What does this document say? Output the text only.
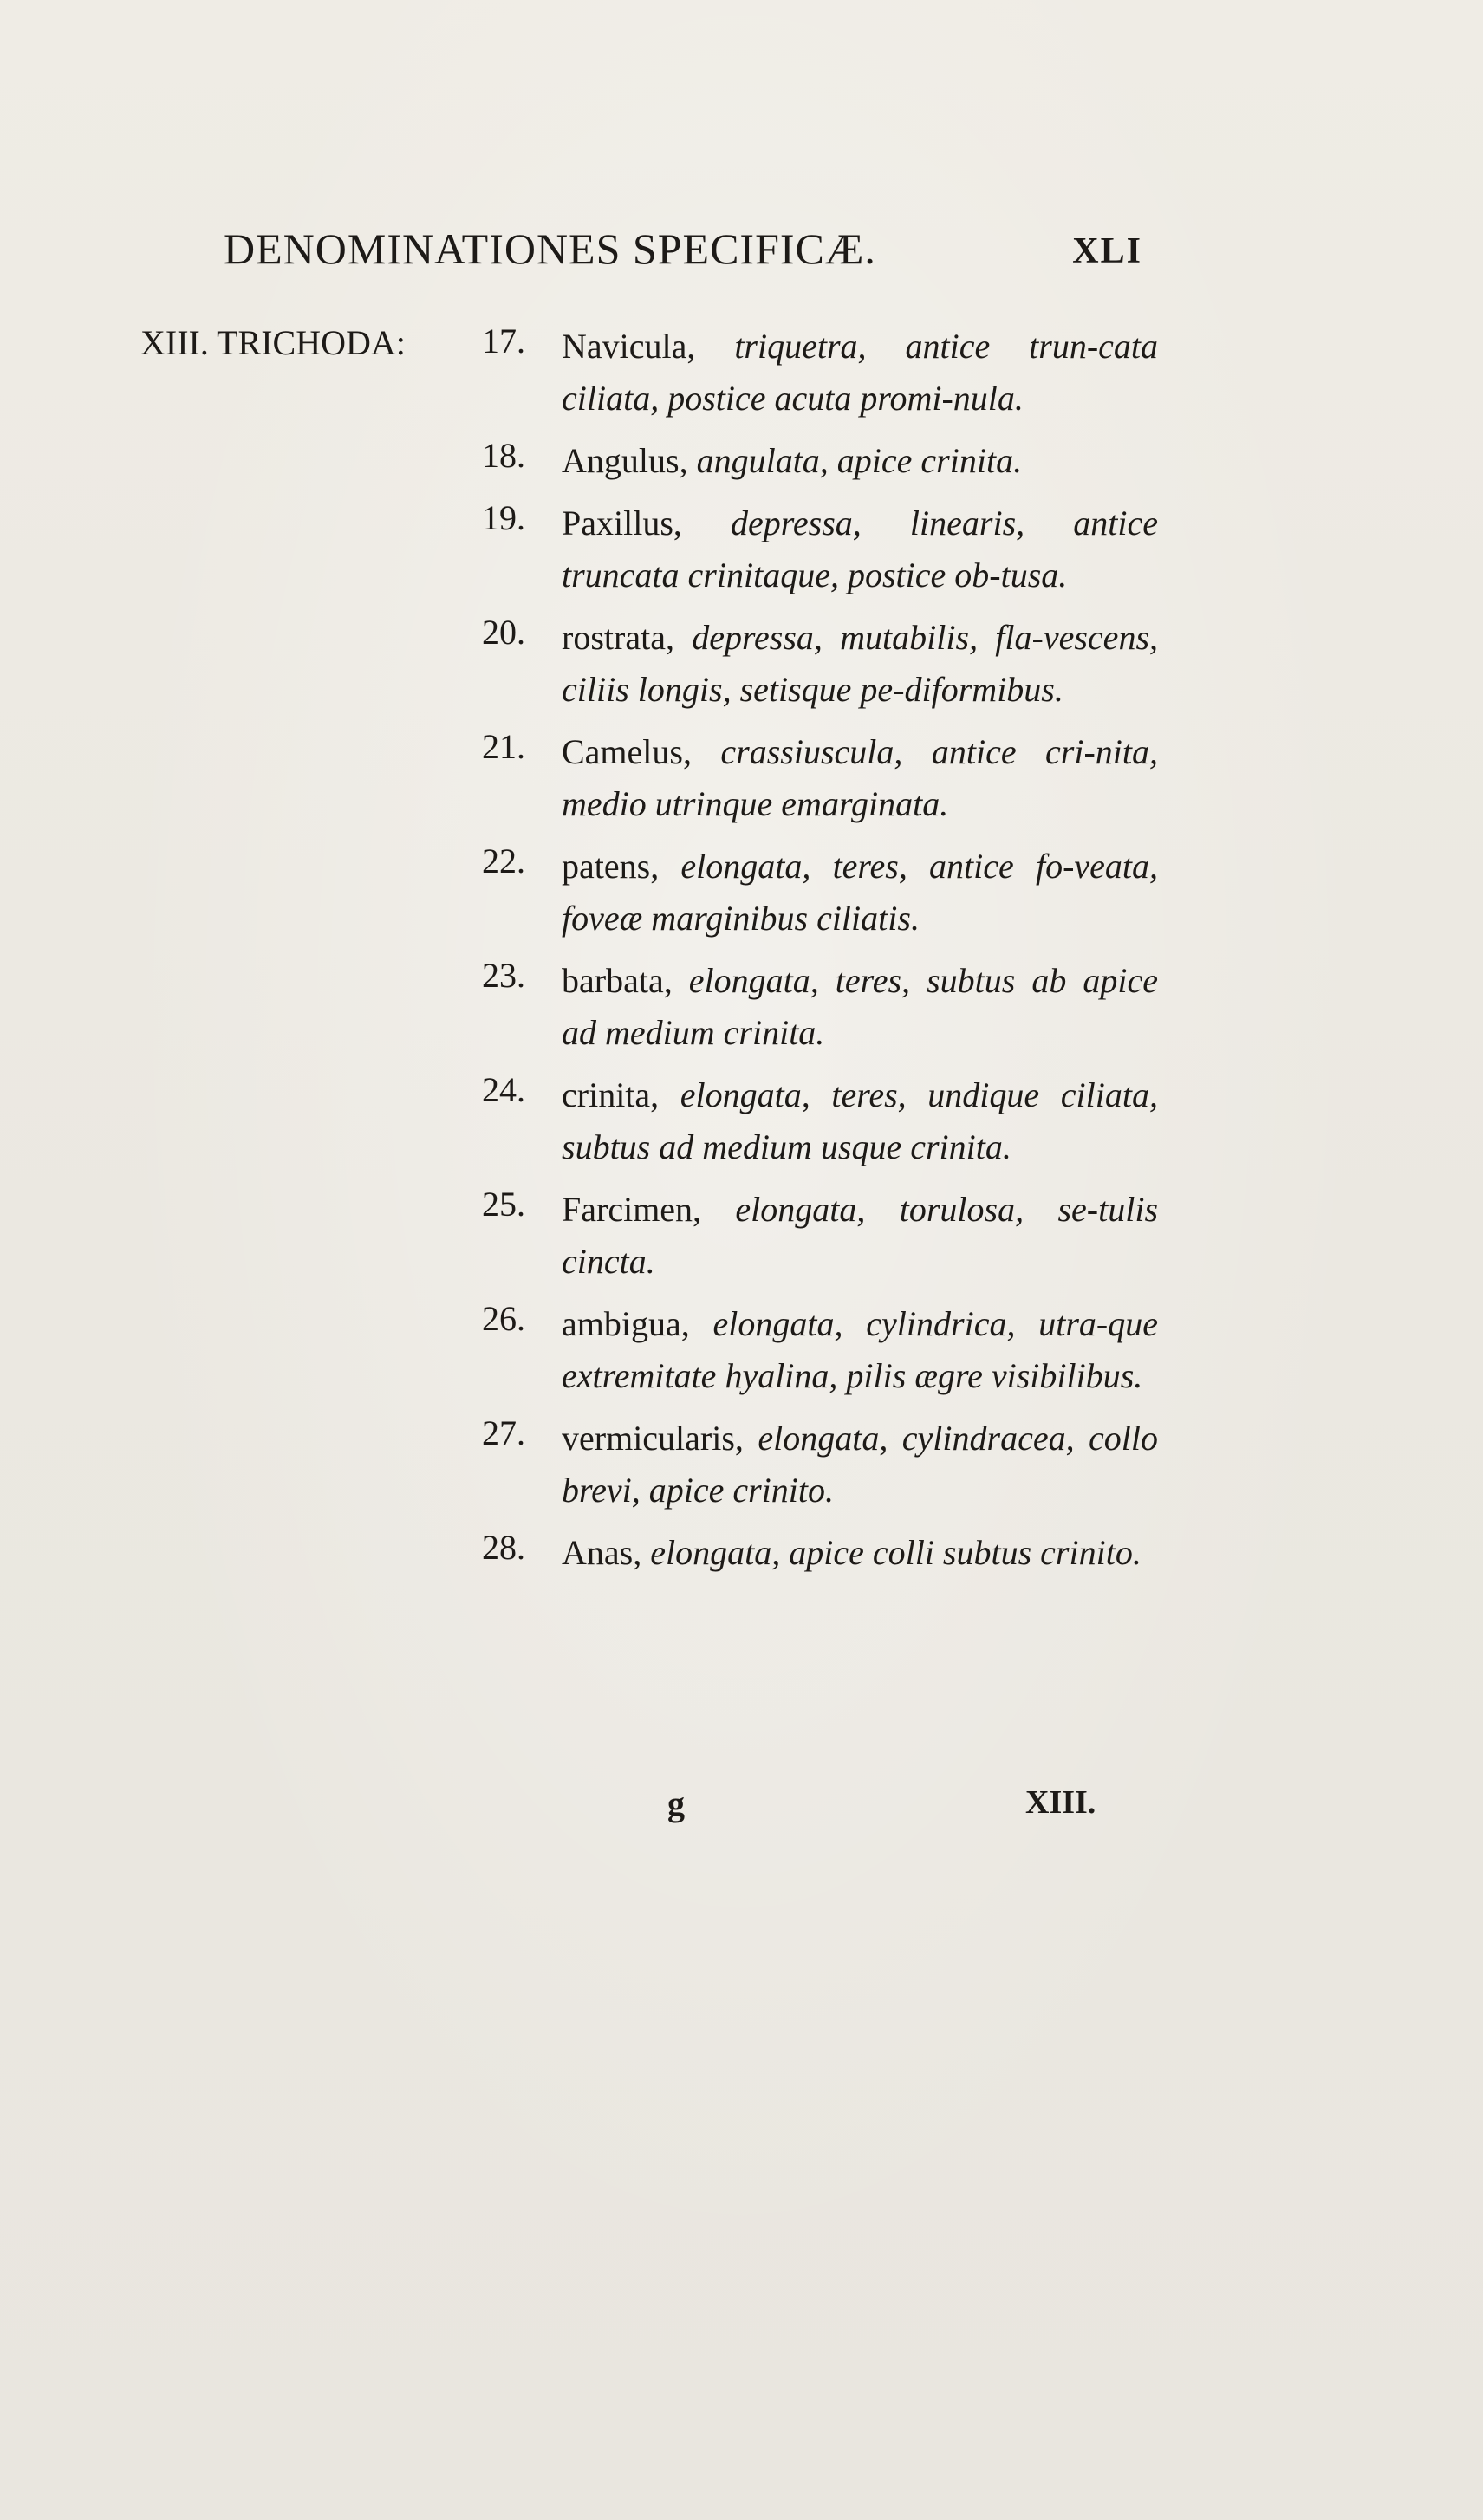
DENOMINATIONES SPECIFICÆ.	XLI
XIII. TRICHODA: 17. Navicula, triquetra, antice trun-cata ciliata, postice acuta promi-nula.
18. Angulus, angulata, apice crinita.
19. Paxillus, depressa, linearis, antice truncata crinitaque, postice ob-tusa.
20. rostrata, depressa, mutabilis, fla-vescens, ciliis longis, setisque pe-diformibus.
21. Camelus, crassiuscula, antice cri-nita, medio utrinque emarginata.
22. patens, elongata, teres, antice fo-veata, foveæ marginibus ciliatis.
23. barbata, elongata, teres, subtus ab apice ad medium crinita.
24. crinita, elongata, teres, undique ciliata, subtus ad medium usque crinita.
25. Farcimen, elongata, torulosa, se-tulis cincta.
26. ambigua, elongata, cylindrica, utra-que extremitate hyalina, pilis ægre visibilibus.
27. vermicularis, elongata, cylindracea, collo brevi, apice crinito.
28. Anas, elongata, apice colli subtus crinito.
g	XIII.
